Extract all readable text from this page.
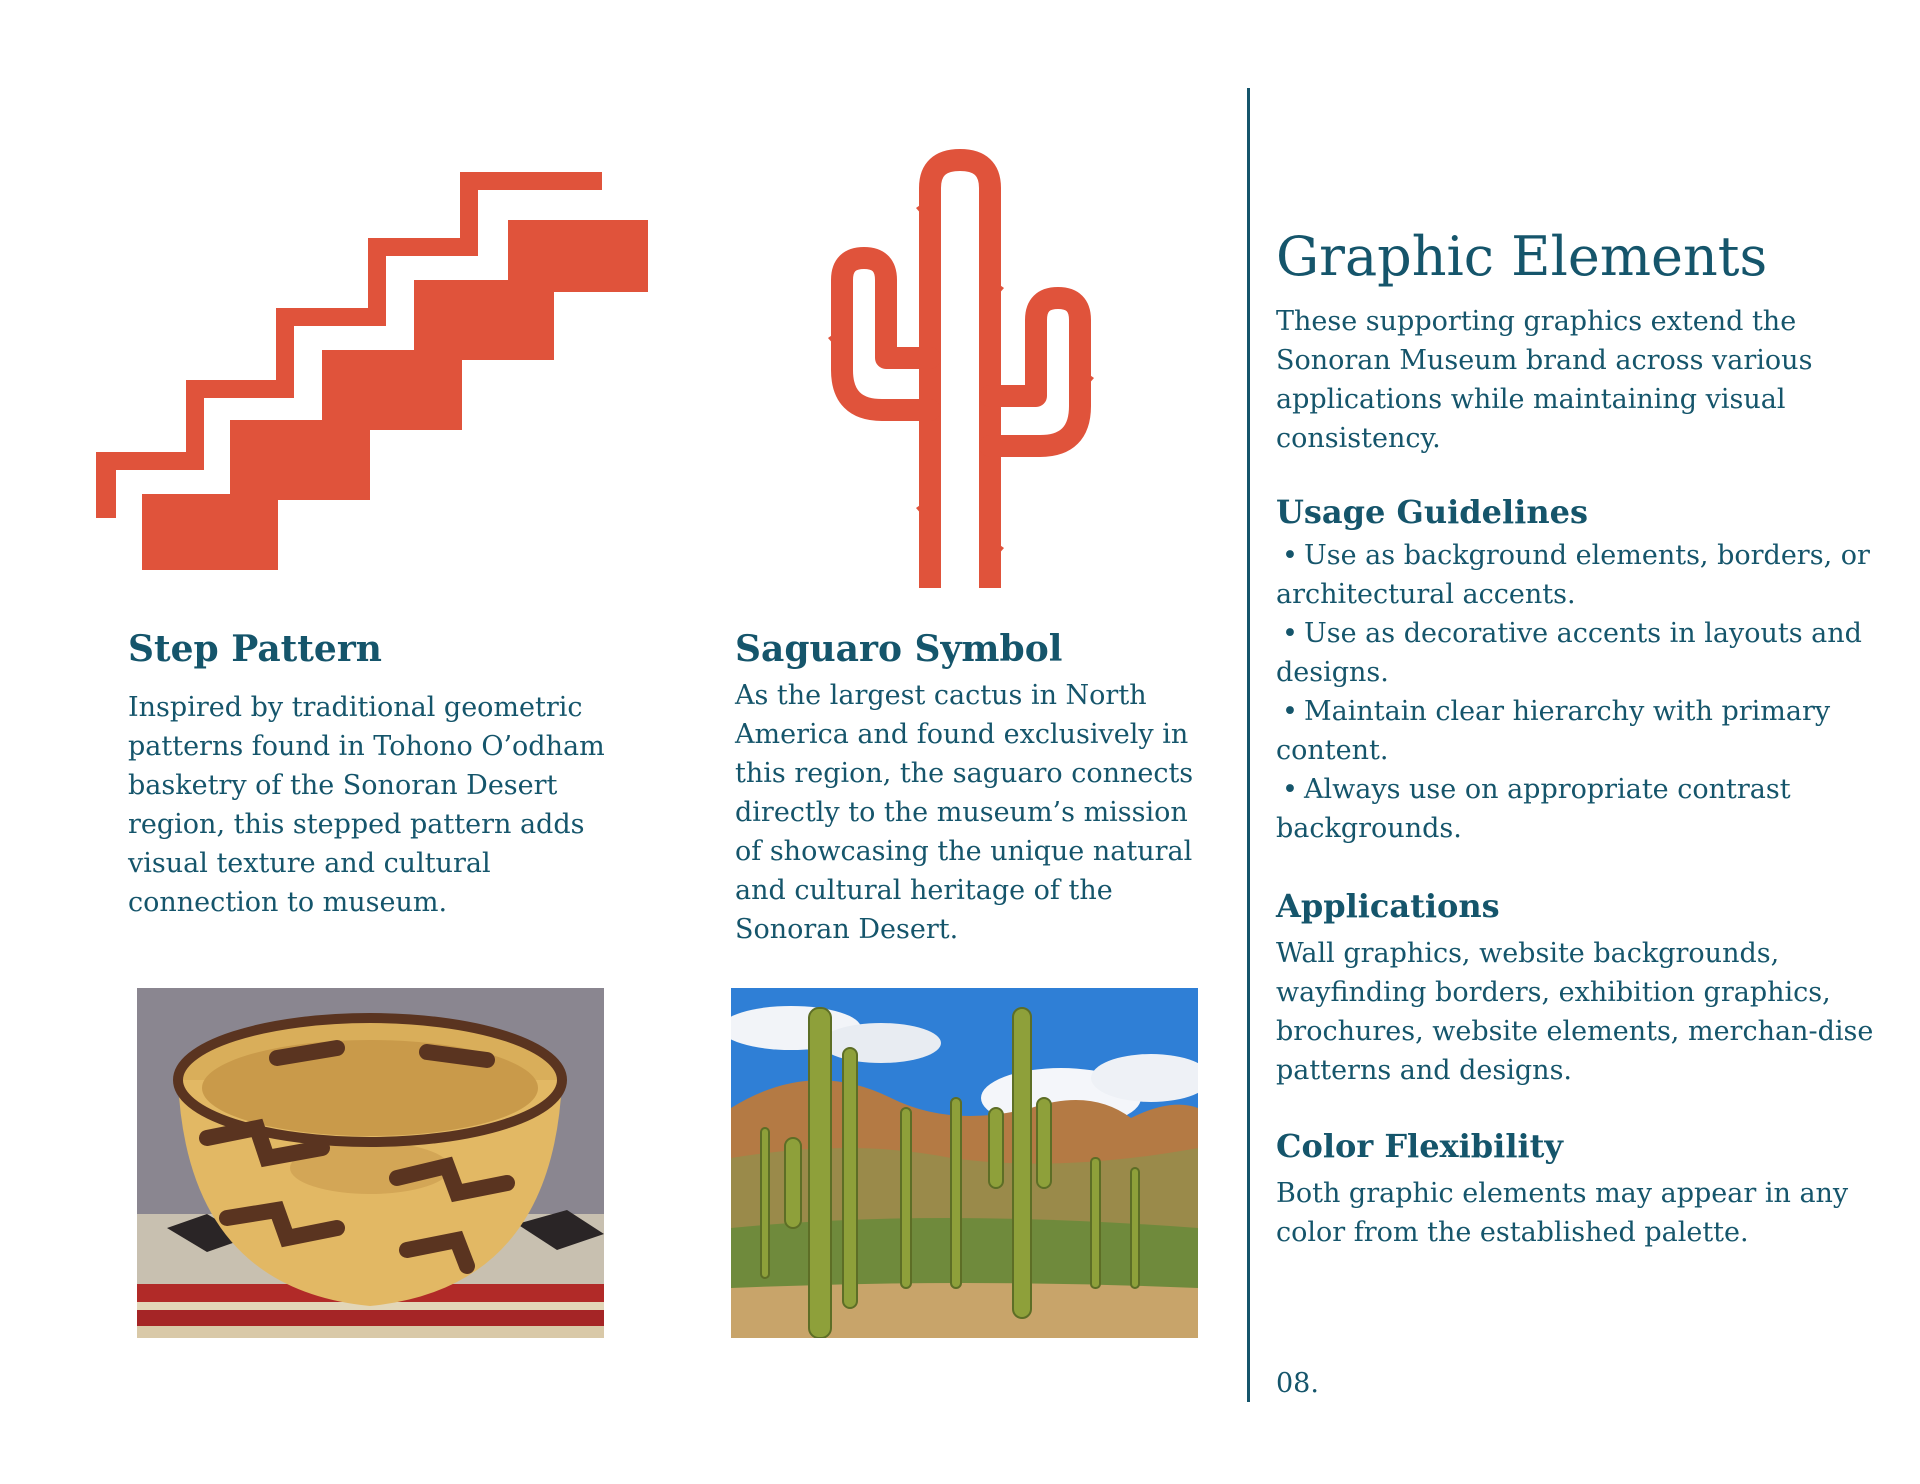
Step Pattern
Inspired by traditional geometric patterns found in Tohono O’odham basketry of the Sonoran Desert region, this stepped pattern adds visual texture and cultural connection to museum.
Saguaro Symbol
As the largest cactus in North America and found exclusively in this region, the saguaro connects directly to the museum’s mission of showcasing the unique natural and cultural heritage of the Sonoran Desert.
Graphic Elements

These supporting graphics extend the Sonoran Museum brand across various applications while maintaining visual consistency.

Usage Guidelines
• Use as background elements, borders, or architectural accents.
• Use as decorative accents in layouts and designs.
• Maintain clear hierarchy with primary content.
• Always use on appropriate contrast backgrounds.
Applications

Wall graphics, website backgrounds, wayfinding borders, exhibition graphics, brochures, website elements, merchan-dise patterns and designs.

Color Flexibility

Both graphic elements may appear in any color from the established palette.

08.
